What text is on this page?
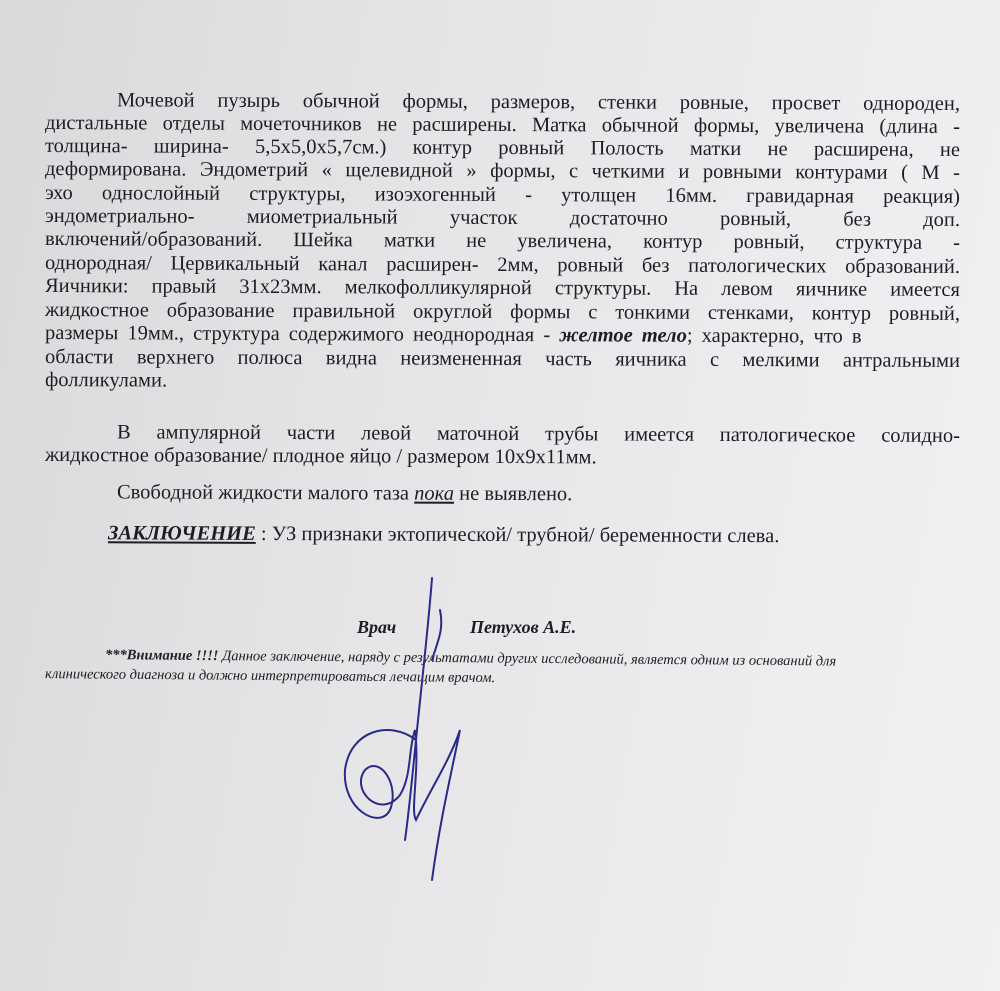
Мочевой пузырь обычной формы, размеров, стенки ровные, просвет однороден,
дистальные отделы мочеточников не расширены. Матка обычной формы, увеличена (длина -
толщина- ширина- 5,5х5,0х5,7см.) контур ровный Полость матки не расширена, не
деформирована. Эндометрий « щелевидной » формы, с четкими и ровными контурами ( М -
эхо однослойный структуры, изоэхогенный - утолщен 16мм. гравидарная реакция)
эндометриально- миометриальный участок достаточно ровный, без доп.
включений/образований. Шейка матки не увеличена, контур ровный, структура -
однородная/ Цервикальный канал расширен- 2мм, ровный без патологических образований.
Яичники: правый 31х23мм. мелкофолликулярной структуры. На левом яичнике имеется
жидкостное образование правильной округлой формы с тонкими стенками, контур ровный,
размеры 19мм., структура содержимого неоднородная - желтое тело; характерно, что в
области верхнего полюса видна неизмененная часть яичника с мелкими антральными
фолликулами.
В ампулярной части левой маточной трубы имеется патологическое солидно-
жидкостное образование/ плодное яйцо / размером 10х9х11мм.
Свободной жидкости малого таза пока не выявлено.
ЗАКЛЮЧЕНИЕ : УЗ признаки эктопической/ трубной/ беременности слева.
Врач	Петухов А.Е.
***Внимание !!!! Данное заключение, наряду с результатами других исследований, является одним из оснований для
клинического диагноза и должно интерпретироваться лечащим врачом.
